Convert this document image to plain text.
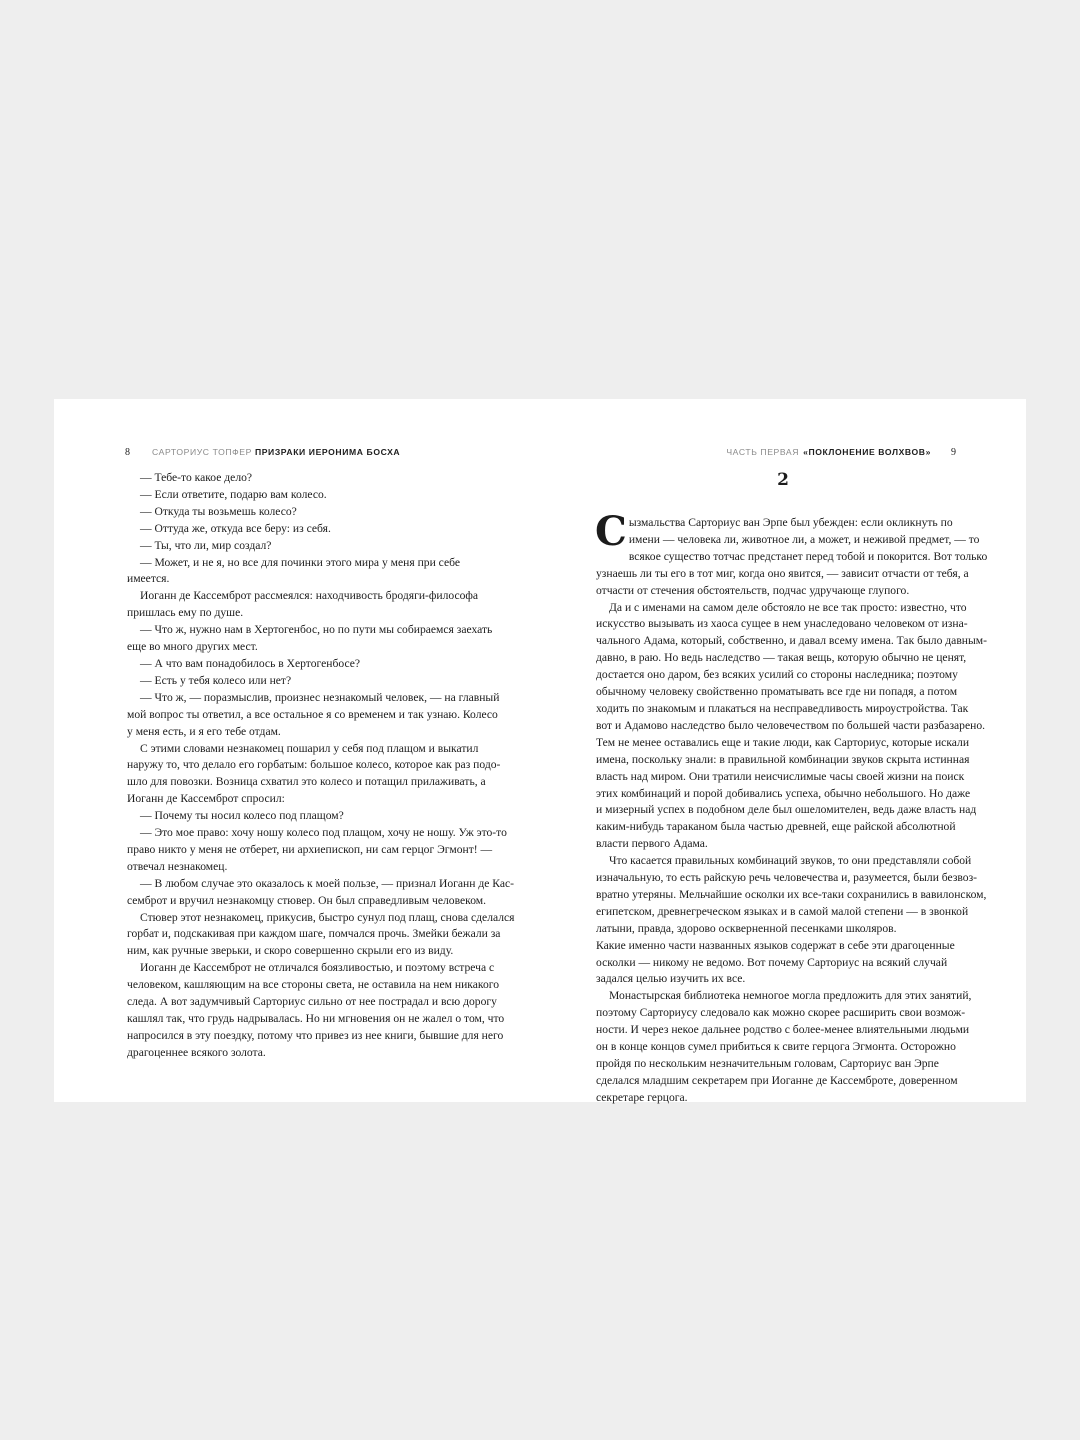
8	САРТОРИУС ТОПФЕР ПРИЗРАКИ ИЕРОНИМА БОСХА

— Тебе-то какое дело?

— Если ответите, подарю вам колесо.

— Откуда ты возьмешь колесо?

— Оттуда же, откуда все беру: из себя.

— Ты, что ли, мир создал?

— Может, и не я, но все для починки этого мира у меня при себе
имеется.

Иоганн де Кассемброт рассмеялся: находчивость бродяги-философа
пришлась ему по душе.

— Что ж, нужно нам в Хертогенбос, но по пути мы собираемся заехать
еще во много других мест.

— А что вам понадобилось в Хертогенбосе?

— Есть у тебя колесо или нет?

— Что ж, — поразмыслив, произнес незнакомый человек, — на главный
мой вопрос ты ответил, а все остальное я со временем и так узнаю. Колесо
у меня есть, и я его тебе отдам.

С этими словами незнакомец пошарил у себя под плащом и выкатил
наружу то, что делало его горбатым: большое колесо, которое как раз подо-
шло для повозки. Возница схватил это колесо и потащил прилаживать, а
Иоганн де Кассемброт спросил:

— Почему ты носил колесо под плащом?

— Это мое право: хочу ношу колесо под плащом, хочу не ношу. Уж это-то
право никто у меня не отберет, ни архиепископ, ни сам герцог Эгмонт! —
отвечал незнакомец.

— В любом случае это оказалось к моей пользе, — признал Иоганн де Кас-
семброт и вручил незнакомцу стювер. Он был справедливым человеком.

Стювер этот незнакомец, прикусив, быстро сунул под плащ, снова сделался
горбат и, подскакивая при каждом шаге, помчался прочь. Змейки бежали за
ним, как ручные зверьки, и скоро совершенно скрыли его из виду.

Иоганн де Кассемброт не отличался боязливостью, и поэтому встреча с
человеком, кашляющим на все стороны света, не оставила на нем никакого
следа. А вот задумчивый Сарториус сильно от нее пострадал и всю дорогу
кашлял так, что грудь надрывалась. Но ни мгновения он не жалел о том, что
напросился в эту поездку, потому что привез из нее книги, бывшие для него
драгоценнее всякого золота.

ЧАСТЬ ПЕРВАЯ «ПОКЛОНЕНИЕ ВОЛХВОВ» 9
2

С ызмальства Сарториус ван Эрпе был убежден: если окликнуть по
имени — человека ли, животное ли, а может, и неживой предмет, — то
всякое существо тотчас предстанет перед тобой и покорится. Вот только
узнаешь ли ты его в тот миг, когда оно явится, — зависит отчасти от тебя, а
отчасти от стечения обстоятельств, подчас удручающе глупого.

Да и с именами на самом деле обстояло не все так просто: известно, что
искусство вызывать из хаоса сущее в нем унаследовано человеком от изна-
чального Адама, который, собственно, и давал всему имена. Так было давным-
давно, в раю. Но ведь наследство — такая вещь, которую обычно не ценят,
достается оно даром, без всяких усилий со стороны наследника; поэтому
обычному человеку свойственно проматывать все где ни попадя, а потом
ходить по знакомым и плакаться на несправедливость мироустройства. Так
вот и Адамово наследство было человечеством по большей части разбазарено.
Тем не менее оставались еще и такие люди, как Сарториус, которые искали
имена, поскольку знали: в правильной комбинации звуков скрыта истинная
власть над миром. Они тратили неисчислимые часы своей жизни на поиск
этих комбинаций и порой добивались успеха, обычно небольшого. Но даже
и мизерный успех в подобном деле был ошеломителен, ведь даже власть над
каким-нибудь тараканом была частью древней, еще райской абсолютной
власти первого Адама.

Что касается правильных комбинаций звуков, то они представляли собой
изначальную, то есть райскую речь человечества и, разумеется, были безвоз-
вратно утеряны. Мельчайшие осколки их все-таки сохранились в вавилонском,
египетском, древнегреческом языках и в самой малой степени — в звонкой
латыни, правда, здорово оскверненной песенками школяров.
Какие именно части названных языков содержат в себе эти драгоценные
осколки — никому не ведомо. Вот почему Сарториус на всякий случай
задался целью изучить их все.

Монастырская библиотека немногое могла предложить для этих занятий,
поэтому Сарториусу следовало как можно скорее расширить свои возмож-
ности. И через некое дальнее родство с более-менее влиятельными людьми
он в конце концов сумел прибиться к свите герцога Эгмонта. Осторожно
пройдя по нескольким незначительным головам, Сарториус ван Эрпе
сделался младшим секретарем при Иоганне де Кассемброте, доверенном
секретаре герцога.
